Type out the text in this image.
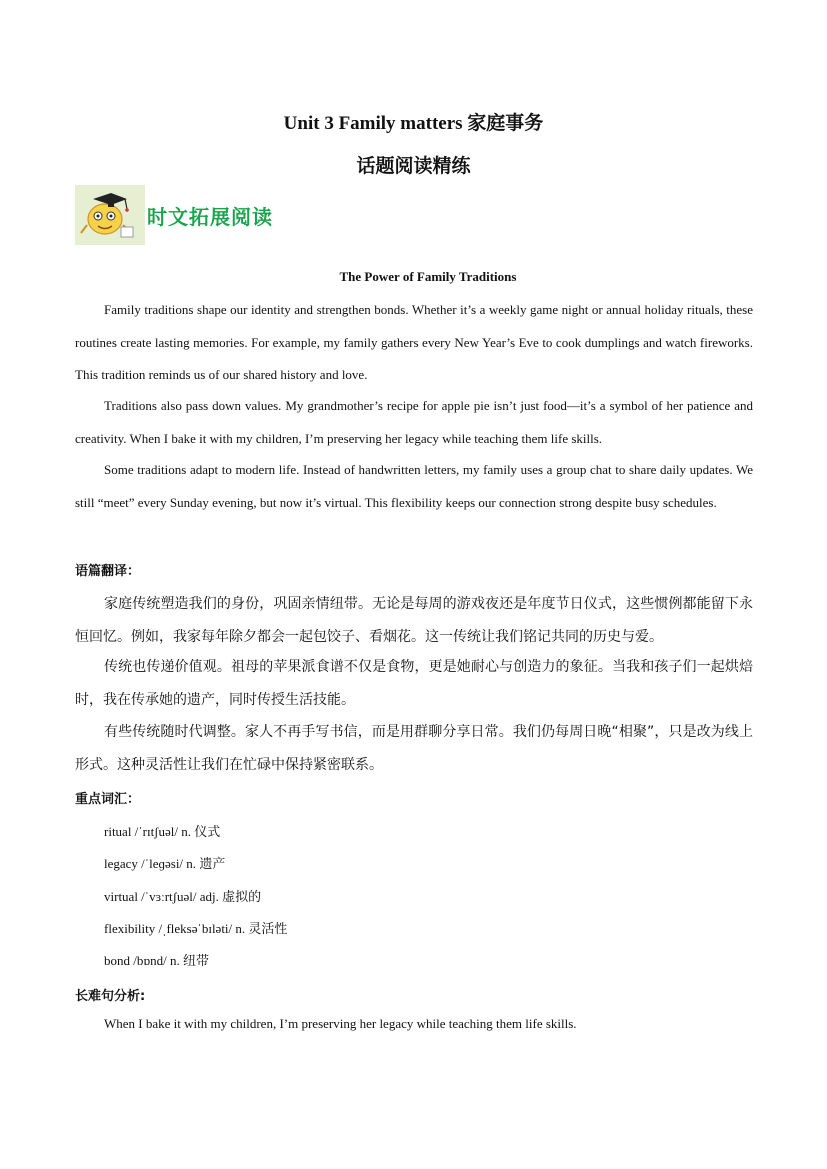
Unit 3 Family matters 家庭事务
话题阅读精练
时文拓展阅读
The Power of Family Traditions

Family traditions shape our identity and strengthen bonds. Whether it’s a weekly game night or annual holiday rituals, these routines create lasting memories. For example, my family gathers every New Year’s Eve to cook dumplings and watch fireworks. This tradition reminds us of our shared history and love.

Traditions also pass down values. My grandmother’s recipe for apple pie isn’t just food—it’s a symbol of her patience and creativity. When I bake it with my children, I’m preserving her legacy while teaching them life skills.

Some traditions adapt to modern life. Instead of handwritten letters, my family uses a group chat to share daily updates. We still “meet” every Sunday evening, but now it’s virtual. This flexibility keeps our connection strong despite busy schedules.

语篇翻译：

家庭传统塑造我们的身份，巩固亲情纽带。无论是每周的游戏夜还是年度节日仪式，这些惯例都能留下永恒回忆。例如，我家每年除夕都会一起包饺子、看烟花。这一传统让我们铭记共同的历史与爱。

传统也传递价值观。祖母的苹果派食谱不仅是食物，更是她耐心与创造力的象征。当我和孩子们一起烘焙时，我在传承她的遗产，同时传授生活技能。

有些传统随时代调整。家人不再手写书信，而是用群聊分享日常。我们仍每周日晚“相聚”，只是改为线上形式。这种灵活性让我们在忙碌中保持紧密联系。

重点词汇：
ritual /ˈrɪtʃuəl/ n. 仪式
legacy /ˈleɡəsi/ n. 遗产
virtual /ˈvɜːrtʃuəl/ adj. 虚拟的
flexibility /ˌfleksəˈbɪləti/ n. 灵活性
bond /bɒnd/ n. 纽带
长难句分析:
When I bake it with my children, I’m preserving her legacy while teaching them life skills.
